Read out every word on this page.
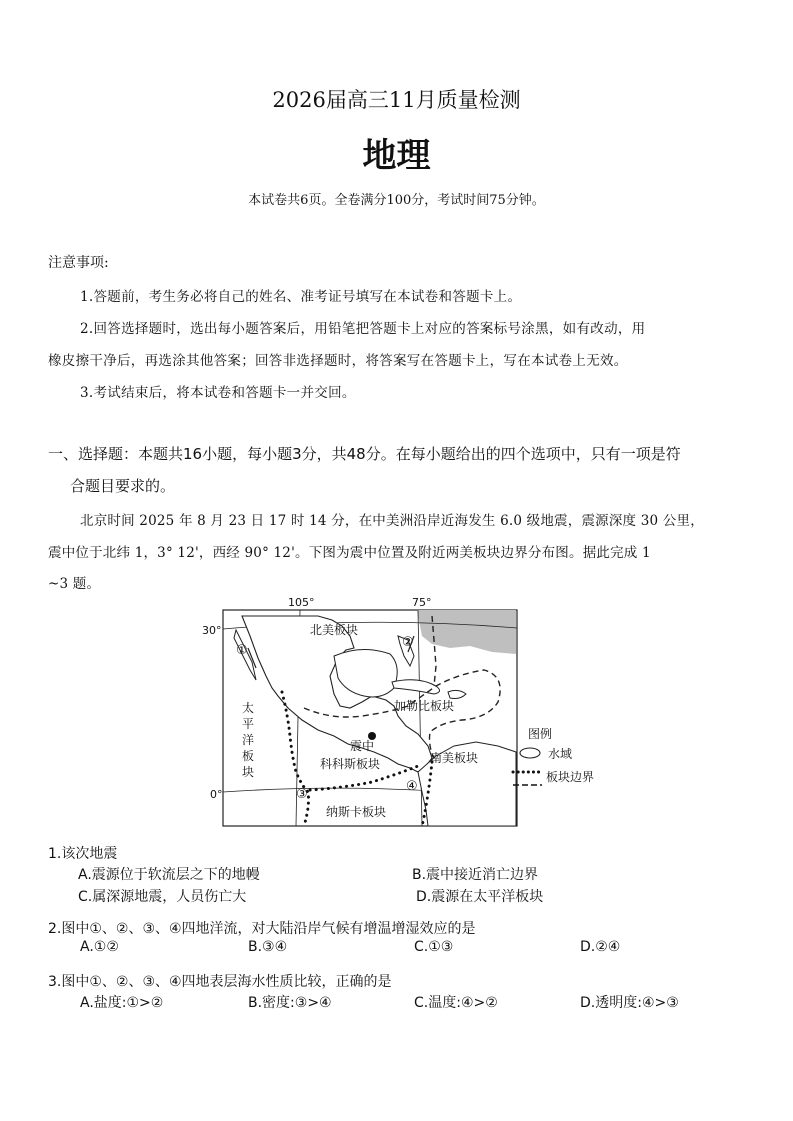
2026届高三11月质量检测
地理
本试卷共6页。全卷满分100分，考试时间75分钟。
注意事项:
1.答题前，考生务必将自己的姓名、准考证号填写在本试卷和答题卡上。
2.回答选择题时，选出每小题答案后，用铅笔把答题卡上对应的答案标号涂黑，如有改动，用
橡皮擦干净后，再选涂其他答案；回答非选择题时，将答案写在答题卡上，写在本试卷上无效。
3.考试结束后，将本试卷和答题卡一并交回。
一、选择题：本题共16小题，每小题3分，共48分。在每小题给出的四个选项中，只有一项是符
合题目要求的。
北京时间 2025 年 8 月 23 日 17 时 14 分，在中美洲沿岸近海发生 6.0 级地震，震源深度 30 公里，
震中位于北纬 1，3° 12'，西经 90° 12'。下图为震中位置及附近两美板块边界分布图。据此完成 1
~3 题。
105°	75°
30°
0°
北美板块
加勒比板块
震中
科科斯板块	南美板块
纳斯卡板块
太
平
洋
板
块
①
②
③
④
图例
水域
板块边界
1.该次地震
A.震源位于软流层之下的地幔	B.震中接近消亡边界
C.属深源地震，人员伤亡大	D.震源在太平洋板块
2.图中①、②、③、④四地洋流，对大陆沿岸气候有增温增湿效应的是
A.①②	B.③④	C.①③	D.②④
3.图中①、②、③、④四地表层海水性质比较，正确的是
A.盐度:①>②	B.密度:③>④	C.温度:④>②	D.透明度:④>③
